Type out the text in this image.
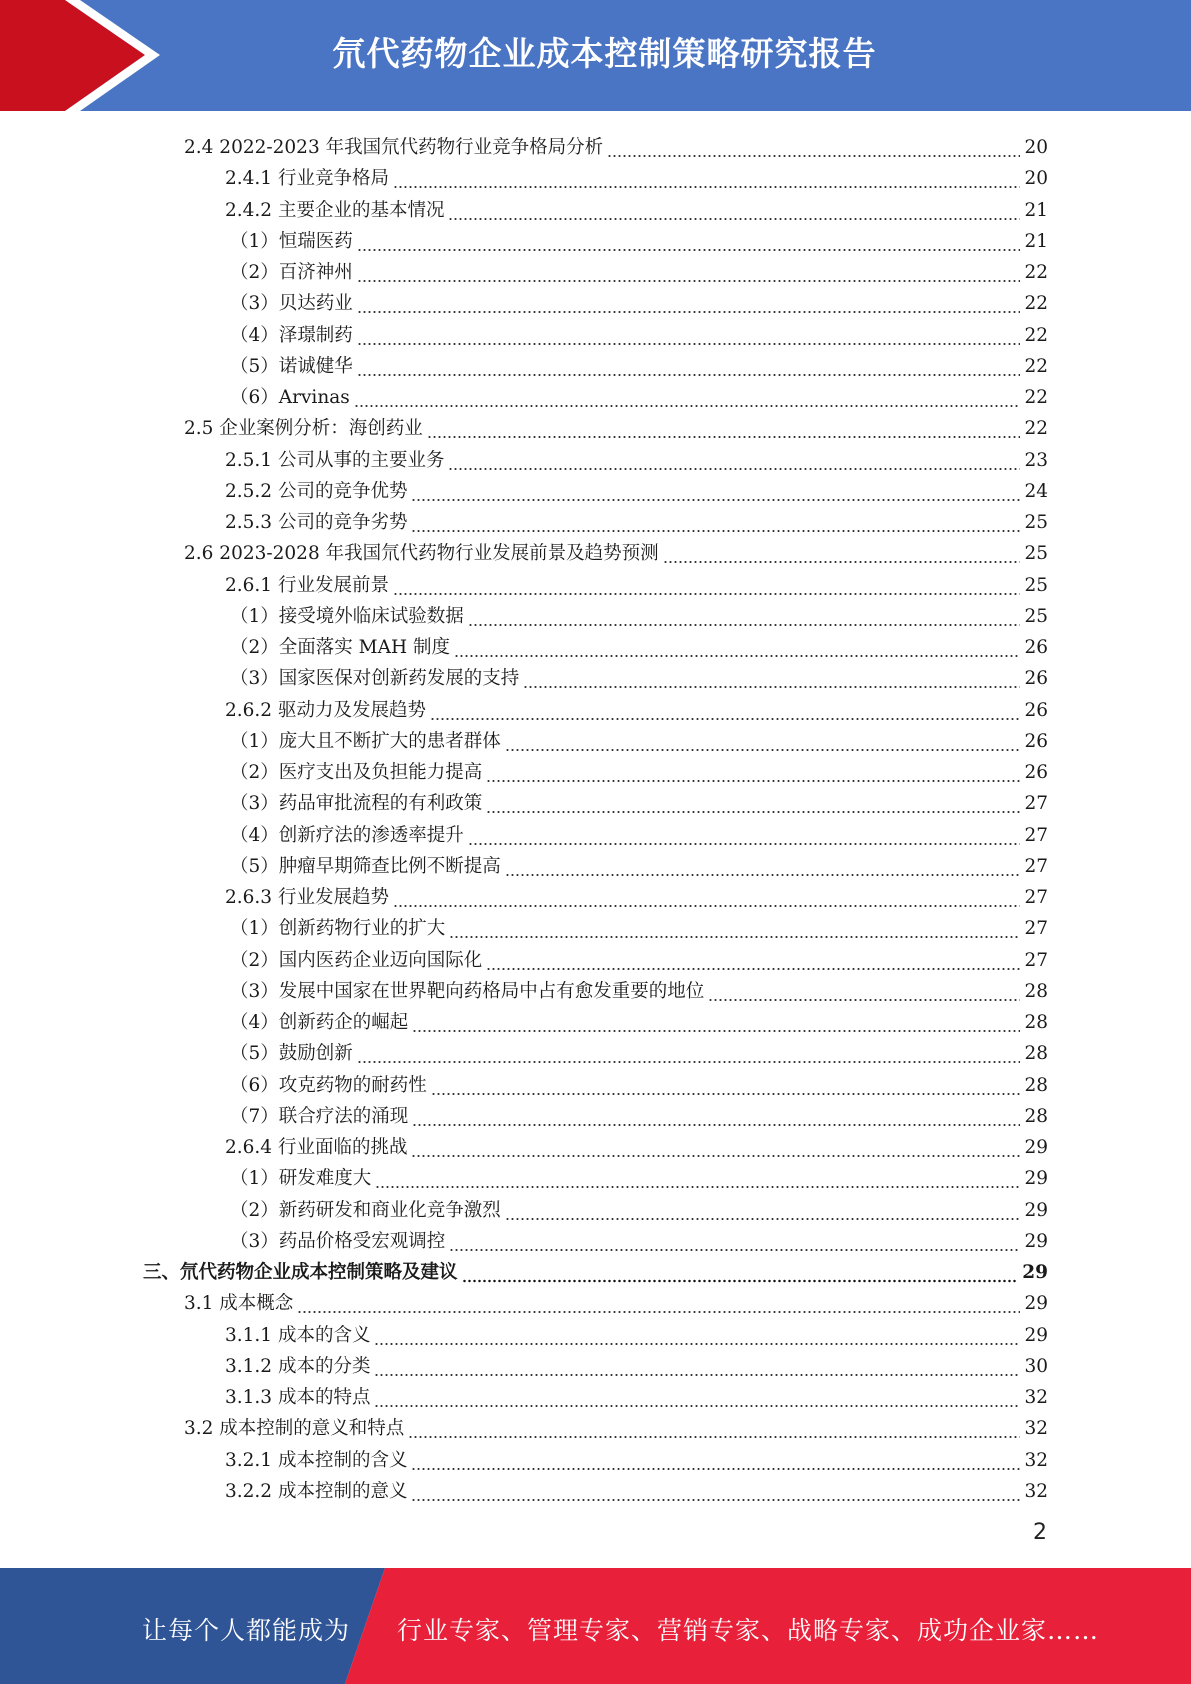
氘代药物企业成本控制策略研究报告
2.4 2022-2023 年我国氘代药物行业竞争格局分析	20
2.4.1 行业竞争格局	20
2.4.2 主要企业的基本情况	21
（1）恒瑞医药	21
（2）百济神州	22
（3）贝达药业	22
（4）泽璟制药	22
（5）诺诚健华	22
（6）Arvinas	22
2.5 企业案例分析：海创药业	22
2.5.1 公司从事的主要业务	23
2.5.2 公司的竞争优势	24
2.5.3 公司的竞争劣势	25
2.6 2023-2028 年我国氘代药物行业发展前景及趋势预测	25
2.6.1 行业发展前景	25
（1）接受境外临床试验数据	25
（2）全面落实 MAH 制度	26
（3）国家医保对创新药发展的支持	26
2.6.2 驱动力及发展趋势	26
（1）庞大且不断扩大的患者群体	26
（2）医疗支出及负担能力提高	26
（3）药品审批流程的有利政策	27
（4）创新疗法的渗透率提升	27
（5）肿瘤早期筛查比例不断提高	27
2.6.3 行业发展趋势	27
（1）创新药物行业的扩大	27
（2）国内医药企业迈向国际化	27
（3）发展中国家在世界靶向药格局中占有愈发重要的地位	28
（4）创新药企的崛起	28
（5）鼓励创新	28
（6）攻克药物的耐药性	28
（7）联合疗法的涌现	28
2.6.4 行业面临的挑战	29
（1）研发难度大	29
（2）新药研发和商业化竞争激烈	29
（3）药品价格受宏观调控	29
三、氘代药物企业成本控制策略及建议	29
3.1 成本概念	29
3.1.1 成本的含义	29
3.1.2 成本的分类	30
3.1.3 成本的特点	32
3.2 成本控制的意义和特点	32
3.2.1 成本控制的含义	32
3.2.2 成本控制的意义	32
2
让每个人都能成为 行业专家、管理专家、营销专家、战略专家、成功企业家……
